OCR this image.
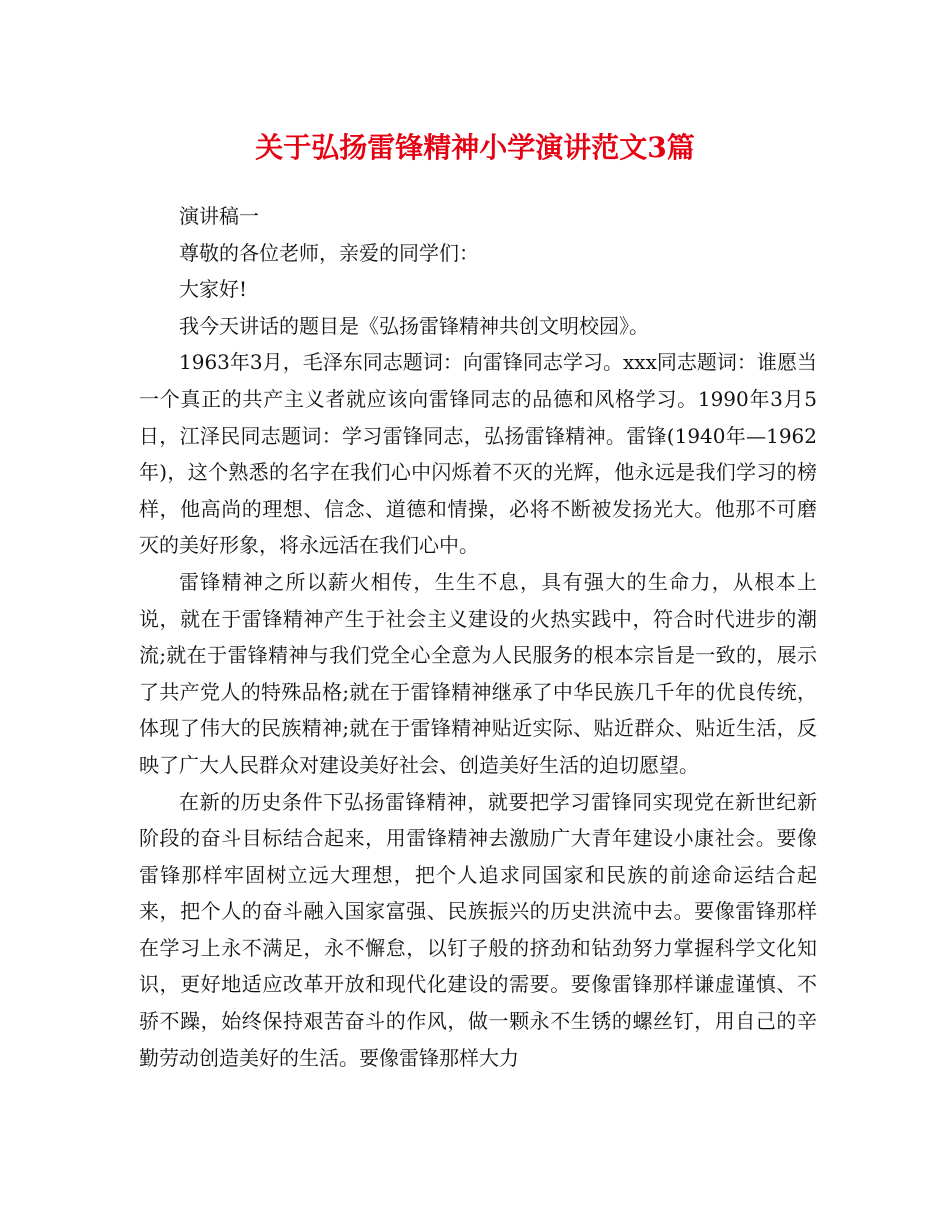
关于弘扬雷锋精神小学演讲范文3篇

演讲稿一

尊敬的各位老师，亲爱的同学们：

大家好!

我今天讲话的题目是《弘扬雷锋精神共创文明校园》。

1963年3月，毛泽东同志题词：向雷锋同志学习。xxx同志题词：谁愿当一个真正的共产主义者就应该向雷锋同志的品德和风格学习。1990年3月5日，江泽民同志题词：学习雷锋同志，弘扬雷锋精神。雷锋(1940年—1962年)，这个熟悉的名字在我们心中闪烁着不灭的光辉，他永远是我们学习的榜样，他高尚的理想、信念、道德和情操，必将不断被发扬光大。他那不可磨灭的美好形象，将永远活在我们心中。

雷锋精神之所以薪火相传，生生不息，具有强大的生命力，从根本上说，就在于雷锋精神产生于社会主义建设的火热实践中，符合时代进步的潮流;就在于雷锋精神与我们党全心全意为人民服务的根本宗旨是一致的，展示了共产党人的特殊品格;就在于雷锋精神继承了中华民族几千年的优良传统，体现了伟大的民族精神;就在于雷锋精神贴近实际、贴近群众、贴近生活，反映了广大人民群众对建设美好社会、创造美好生活的迫切愿望。

在新的历史条件下弘扬雷锋精神，就要把学习雷锋同实现党在新世纪新阶段的奋斗目标结合起来，用雷锋精神去激励广大青年建设小康社会。要像雷锋那样牢固树立远大理想，把个人追求同国家和民族的前途命运结合起来，把个人的奋斗融入国家富强、民族振兴的历史洪流中去。要像雷锋那样在学习上永不满足，永不懈怠，以钉子般的挤劲和钻劲努力掌握科学文化知识，更好地适应改革开放和现代化建设的需要。要像雷锋那样谦虚谨慎、不骄不躁，始终保持艰苦奋斗的作风，做一颗永不生锈的螺丝钉，用自己的辛勤劳动创造美好的生活。要像雷锋那样大力
